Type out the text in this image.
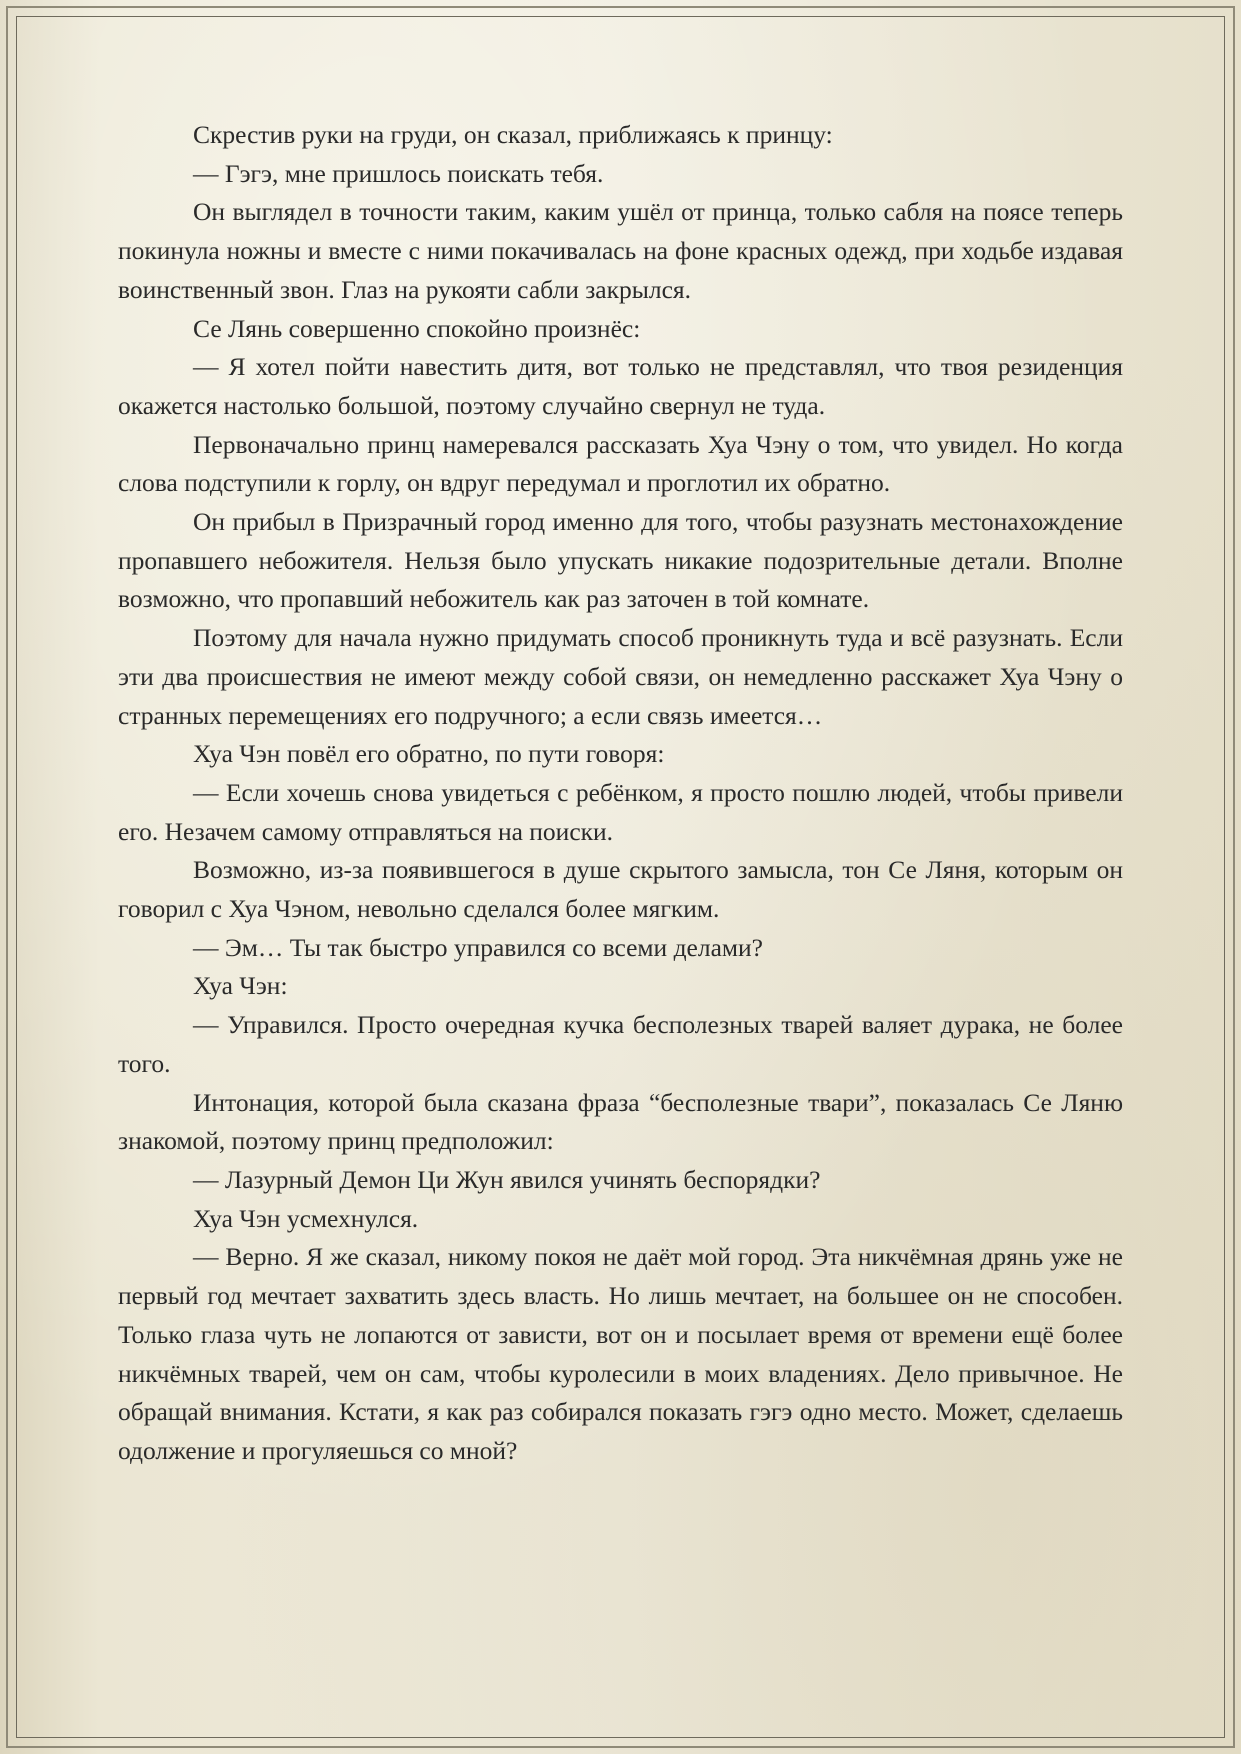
Скрестив руки на груди, он сказал, приближаясь к принцу:

— Гэгэ, мне пришлось поискать тебя.

Он выглядел в точности таким, каким ушёл от принца, только сабля на поясе теперь покинула ножны и вместе с ними покачивалась на фоне красных одежд, при ходьбе издавая воинственный звон. Глаз на рукояти сабли закрылся.

Се Лянь совершенно спокойно произнёс:

— Я хотел пойти навестить дитя, вот только не представлял, что твоя резиденция окажется настолько большой, поэтому случайно свернул не туда.

Первоначально принц намеревался рассказать Хуа Чэну о том, что увидел. Но когда слова подступили к горлу, он вдруг передумал и проглотил их обратно.

Он прибыл в Призрачный город именно для того, чтобы разузнать местонахождение пропавшего небожителя. Нельзя было упускать никакие подозрительные детали. Вполне возможно, что пропавший небожитель как раз заточен в той комнате.

Поэтому для начала нужно придумать способ проникнуть туда и всё разузнать. Если эти два происшествия не имеют между собой связи, он немедленно расскажет Хуа Чэну о странных перемещениях его подручного; а если связь имеется…

Хуа Чэн повёл его обратно, по пути говоря:

— Если хочешь снова увидеться с ребёнком, я просто пошлю людей, чтобы привели его. Незачем самому отправляться на поиски.

Возможно, из-за появившегося в душе скрытого замысла, тон Се Ляня, которым он говорил с Хуа Чэном, невольно сделался более мягким.

— Эм… Ты так быстро управился со всеми делами?

Хуа Чэн:

— Управился. Просто очередная кучка бесполезных тварей валяет дурака, не более того.

Интонация, которой была сказана фраза “бесполезные твари”, показалась Се Ляню знакомой, поэтому принц предположил:

— Лазурный Демон Ци Жун явился учинять беспорядки?

Хуа Чэн усмехнулся.

— Верно. Я же сказал, никому покоя не даёт мой город. Эта никчёмная дрянь уже не первый год мечтает захватить здесь власть. Но лишь мечтает, на большее он не способен. Только глаза чуть не лопаются от зависти, вот он и посылает время от времени ещё более никчёмных тварей, чем он сам, чтобы куролесили в моих владениях. Дело привычное. Не обращай внимания. Кстати, я как раз собирался показать гэгэ одно место. Может, сделаешь одолжение и прогуляешься со мной?
